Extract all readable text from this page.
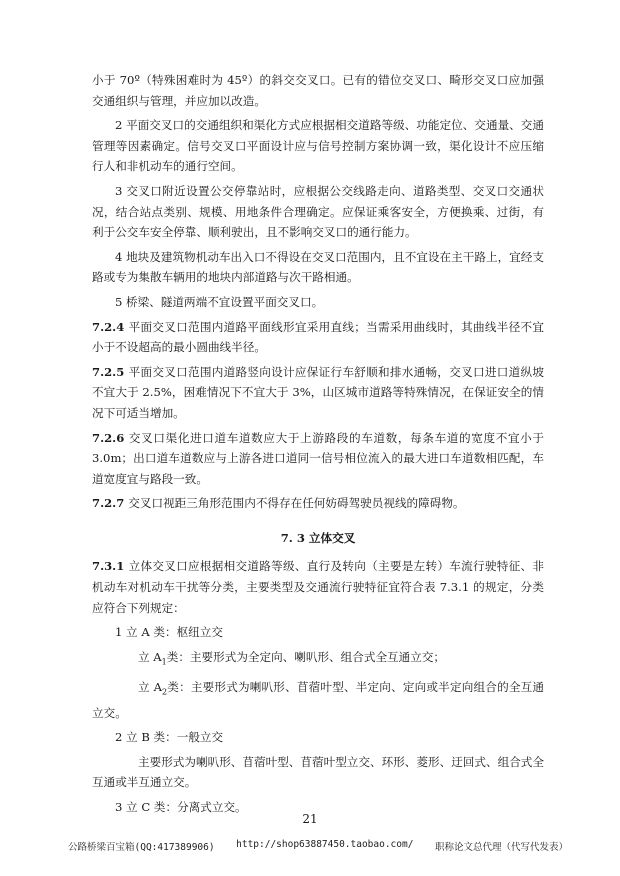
小于 70º（特殊困难时为 45º）的斜交交叉口。已有的错位交叉口、畸形交叉口应加强交通组织与管理，并应加以改造。

2 平面交叉口的交通组织和渠化方式应根据相交道路等级、功能定位、交通量、交通管理等因素确定。信号交叉口平面设计应与信号控制方案协调一致，渠化设计不应压缩行人和非机动车的通行空间。

3 交叉口附近设置公交停靠站时，应根据公交线路走向、道路类型、交叉口交通状况，结合站点类别、规模、用地条件合理确定。应保证乘客安全，方便换乘、过街，有利于公交车安全停靠、顺利驶出，且不影响交叉口的通行能力。

4 地块及建筑物机动车出入口不得设在交叉口范围内，且不宜设在主干路上，宜经支路或专为集散车辆用的地块内部道路与次干路相通。

5 桥梁、隧道两端不宜设置平面交叉口。

7.2.4 平面交叉口范围内道路平面线形宜采用直线；当需采用曲线时，其曲线半径不宜小于不设超高的最小圆曲线半径。

7.2.5 平面交叉口范围内道路竖向设计应保证行车舒顺和排水通畅，交叉口进口道纵坡不宜大于 2.5%，困难情况下不宜大于 3%，山区城市道路等特殊情况，在保证安全的情况下可适当增加。

7.2.6 交叉口渠化进口道车道数应大于上游路段的车道数，每条车道的宽度不宜小于 3.0m；出口道车道数应与上游各进口道同一信号相位流入的最大进口车道数相匹配，车道宽度宜与路段一致。

7.2.7 交叉口视距三角形范围内不得存在任何妨碍驾驶员视线的障碍物。

7. 3 立体交叉

7.3.1 立体交叉口应根据相交道路等级、直行及转向（主要是左转）车流行驶特征、非机动车对机动车干扰等分类，主要类型及交通流行驶特征宜符合表 7.3.1 的规定，分类应符合下列规定：

1 立 A 类：枢纽立交

立 $A_1$类：主要形式为全定向、喇叭形、组合式全互通立交；

立 $A_2$类：主要形式为喇叭形、苜蓿叶型、半定向、定向或半定向组合的全互通立交。

2 立 B 类：一般立交

主要形式为喇叭形、苜蓿叶型、苜蓿叶型立交、环形、菱形、迂回式、组合式全互通或半互通立交。

3 立 C 类：分离式立交。

21
公路桥梁百宝箱(QQ:417389906) http://shop63887450.taobao.com/ 职称论文总代理（代写代发表）
